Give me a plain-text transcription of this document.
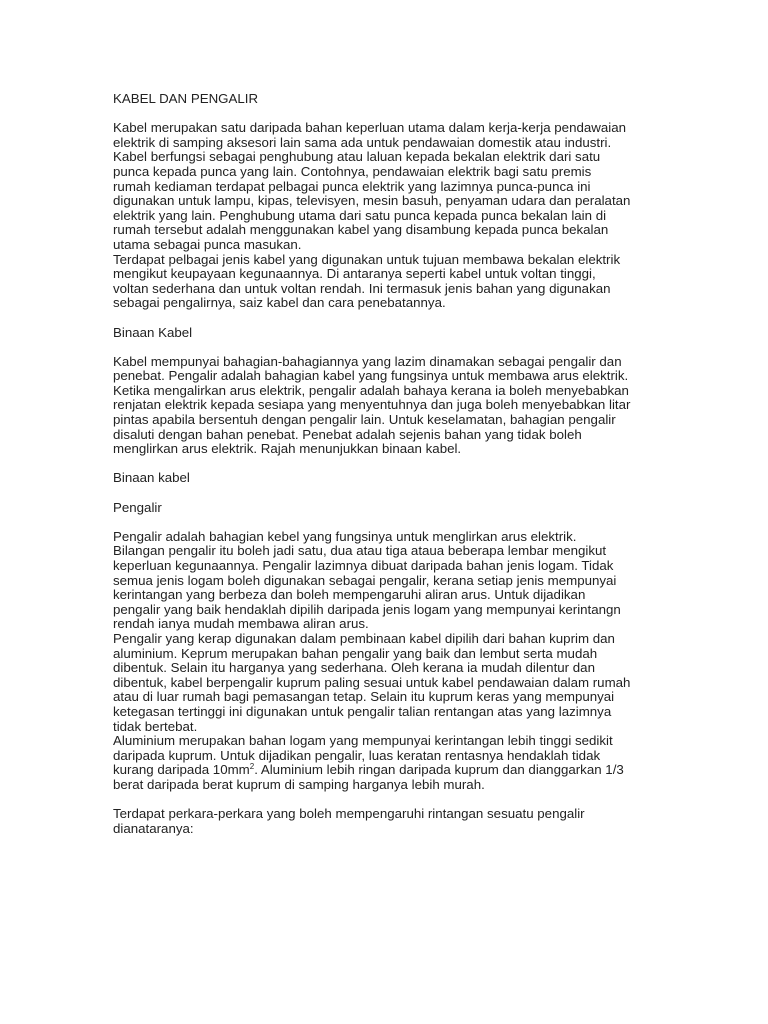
KABEL DAN PENGALIR
Kabel merupakan satu daripada bahan keperluan utama dalam kerja-kerja pendawaian
elektrik di samping aksesori lain sama ada untuk pendawaian domestik atau industri.
Kabel berfungsi sebagai penghubung atau laluan kepada bekalan elektrik dari satu
punca kepada punca yang lain. Contohnya, pendawaian elektrik bagi satu premis
rumah kediaman terdapat pelbagai punca elektrik yang lazimnya punca-punca ini
digunakan untuk lampu, kipas, televisyen, mesin basuh, penyaman udara dan peralatan
elektrik yang lain. Penghubung utama dari satu punca kepada punca bekalan lain di
rumah tersebut adalah menggunakan kabel yang disambung kepada punca bekalan
utama sebagai punca masukan.
Terdapat pelbagai jenis kabel yang digunakan untuk tujuan membawa bekalan elektrik
mengikut keupayaan kegunaannya. Di antaranya seperti kabel untuk voltan tinggi,
voltan sederhana dan untuk voltan rendah. Ini termasuk jenis bahan yang digunakan
sebagai pengalirnya, saiz kabel dan cara penebatannya.
Binaan Kabel
Kabel mempunyai bahagian-bahagiannya yang lazim dinamakan sebagai pengalir dan
penebat. Pengalir adalah bahagian kabel yang fungsinya untuk membawa arus elektrik.
Ketika mengalirkan arus elektrik, pengalir adalah bahaya kerana ia boleh menyebabkan
renjatan elektrik kepada sesiapa yang menyentuhnya dan juga boleh menyebabkan litar
pintas apabila bersentuh dengan pengalir lain. Untuk keselamatan, bahagian pengalir
disaluti dengan bahan penebat. Penebat adalah sejenis bahan yang tidak boleh
menglirkan arus elektrik. Rajah menunjukkan binaan kabel.
Binaan kabel
Pengalir
Pengalir adalah bahagian kebel yang fungsinya untuk menglirkan arus elektrik.
Bilangan pengalir itu boleh jadi satu, dua atau tiga ataua beberapa lembar mengikut
keperluan kegunaannya. Pengalir lazimnya dibuat daripada bahan jenis logam. Tidak
semua jenis logam boleh digunakan sebagai pengalir, kerana setiap jenis mempunyai
kerintangan yang berbeza dan boleh mempengaruhi aliran arus. Untuk dijadikan
pengalir yang baik hendaklah dipilih daripada jenis logam yang mempunyai kerintangn
rendah ianya mudah membawa aliran arus.
Pengalir yang kerap digunakan dalam pembinaan kabel dipilih dari bahan kuprim dan
aluminium. Keprum merupakan bahan pengalir yang baik dan lembut serta mudah
dibentuk. Selain itu harganya yang sederhana. Oleh kerana ia mudah dilentur dan
dibentuk, kabel berpengalir kuprum paling sesuai untuk kabel pendawaian dalam rumah
atau di luar rumah bagi pemasangan tetap. Selain itu kuprum keras yang mempunyai
ketegasan tertinggi ini digunakan untuk pengalir talian rentangan atas yang lazimnya
tidak bertebat.
Aluminium merupakan bahan logam yang mempunyai kerintangan lebih tinggi sedikit
daripada kuprum. Untuk dijadikan pengalir, luas keratan rentasnya hendaklah tidak
kurang daripada $10mm^2$. Aluminium lebih ringan daripada kuprum dan dianggarkan 1/3
berat daripada berat kuprum di samping harganya lebih murah.
Terdapat perkara-perkara yang boleh mempengaruhi rintangan sesuatu pengalir
dianataranya:
